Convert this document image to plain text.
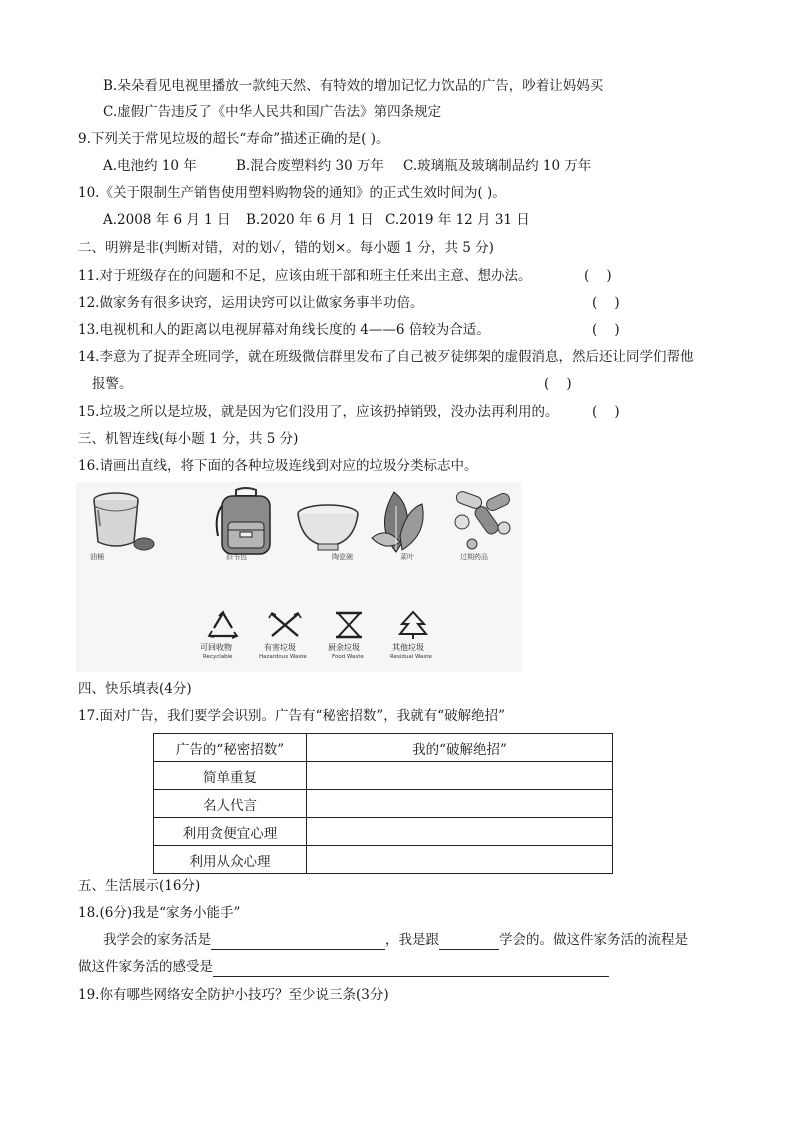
B.朵朵看见电视里播放一款纯天然、有特效的增加记忆力饮品的广告，吵着让妈妈买
C.虚假广告违反了《中华人民共和国广告法》第四条规定
9.下列关于常见垃圾的超长“寿命”描述正确的是( )。
A.电池约 10 年	B.混合废塑料约 30 万年 C.玻璃瓶及玻璃制品约 10 万年
10.《关于限制生产销售使用塑料购物袋的通知》的正式生效时间为( )。
A.2008 年 6 月 1 日 B.2020 年 6 月 1 日 C.2019 年 12 月 31 日
二、明辨是非(判断对错，对的划✓，错的划×。每小题 1 分，共 5 分)
11.对于班级存在的问题和不足，应该由班干部和班主任来出主意、想办法。	(    )
12.做家务有很多诀窍，运用诀窍可以让做家务事半功倍。	(    )
13.电视机和人的距离以电视屏幕对角线长度的 4——6 倍较为合适。	(    )
14.李意为了捉弄全班同学，就在班级微信群里发布了自己被歹徒绑架的虚假消息，然后还让同学们帮他
报警。	(    )
15.垃圾之所以是垃圾，就是因为它们没用了，应该扔掉销毁，没办法再利用的。 (    )
三、机智连线(每小题 1 分，共 5 分)
16.请画出直线，将下面的各种垃圾连线到对应的垃圾分类标志中。
油桶	旧书包	陶瓷碗	菜叶	过期药品
可回收物
Recyclable
有害垃圾
Hazardous Waste
厨余垃圾
Food Waste
其他垃圾
Residual Waste
四、快乐填表(4分)
17.面对广告，我们要学会识别。广告有“秘密招数”，我就有“破解绝招”
广告的“秘密招数”	我的“破解绝招”
简单重复	
名人代言	
利用贪便宜心理	
利用从众心理	
五、生活展示(16分)
18.(6分)我是“家务小能手”
我学会的家务活是	，我是跟	学会的。做这件家务活的流程是
做这件家务活的感受是
19.你有哪些网络安全防护小技巧？至少说三条(3分)
